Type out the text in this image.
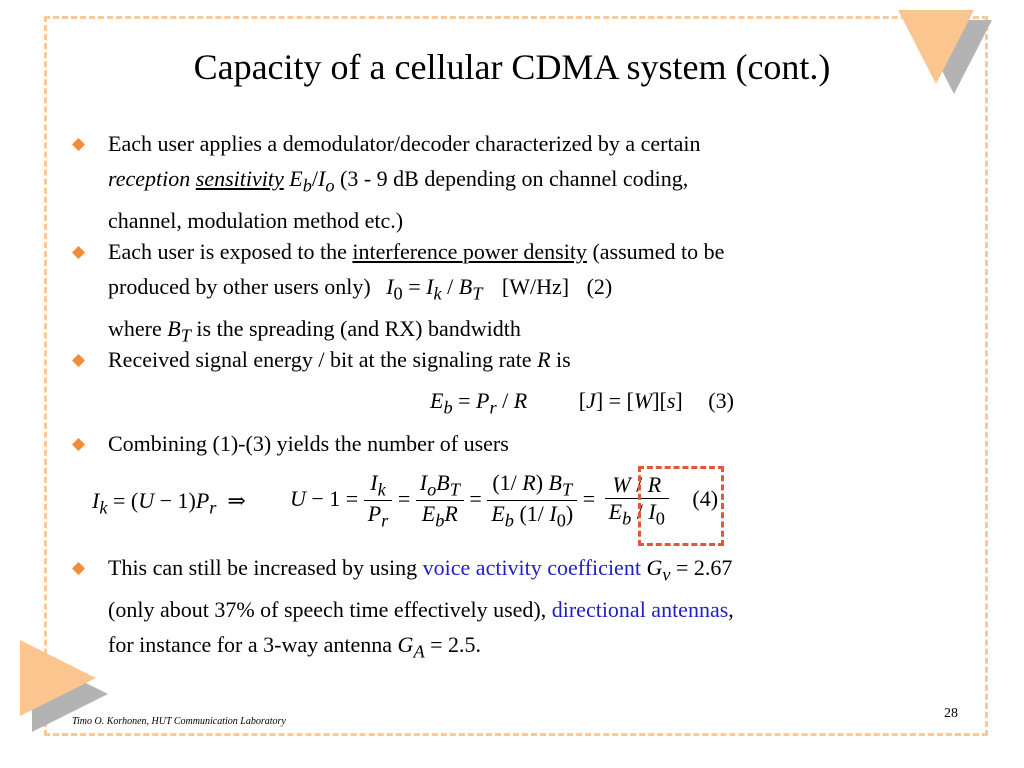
Capacity of a cellular CDMA system (cont.)
Each user applies a demodulator/decoder characterized by a certain
reception sensitivity $E_b/I_o$ (3 - 9 dB depending on channel coding,
channel, modulation method etc.)
Each user is exposed to the interference power density (assumed to be
produced by other users only) $I_0 = I_k / B_T$ [W/Hz] (2)
where $B_T$ is the spreading (and RX) bandwidth
Received signal energy / bit at the signaling rate R is
Combining (1)-(3) yields the number of users
This can still be increased by using voice activity coefficient $G_v = 2.67$
(only about 37% of speech time effectively used), directional antennas,
for instance for a 3-way antenna $G_A = 2.5$.
$E_b = P_r / R$ [J] = [W][s] (3)
$I_k = (U - 1)P_r$  ⇒ $U - 1 = \frac{I_k}{P_r} = \frac{I_oB_T}{E_bR} = \frac{(1/ R) B_T}{E_b (1/ I_0)} = \frac{W / R}{E_b / I_0} (4)$
Timo O. Korhonen, HUT Communication Laboratory
28
